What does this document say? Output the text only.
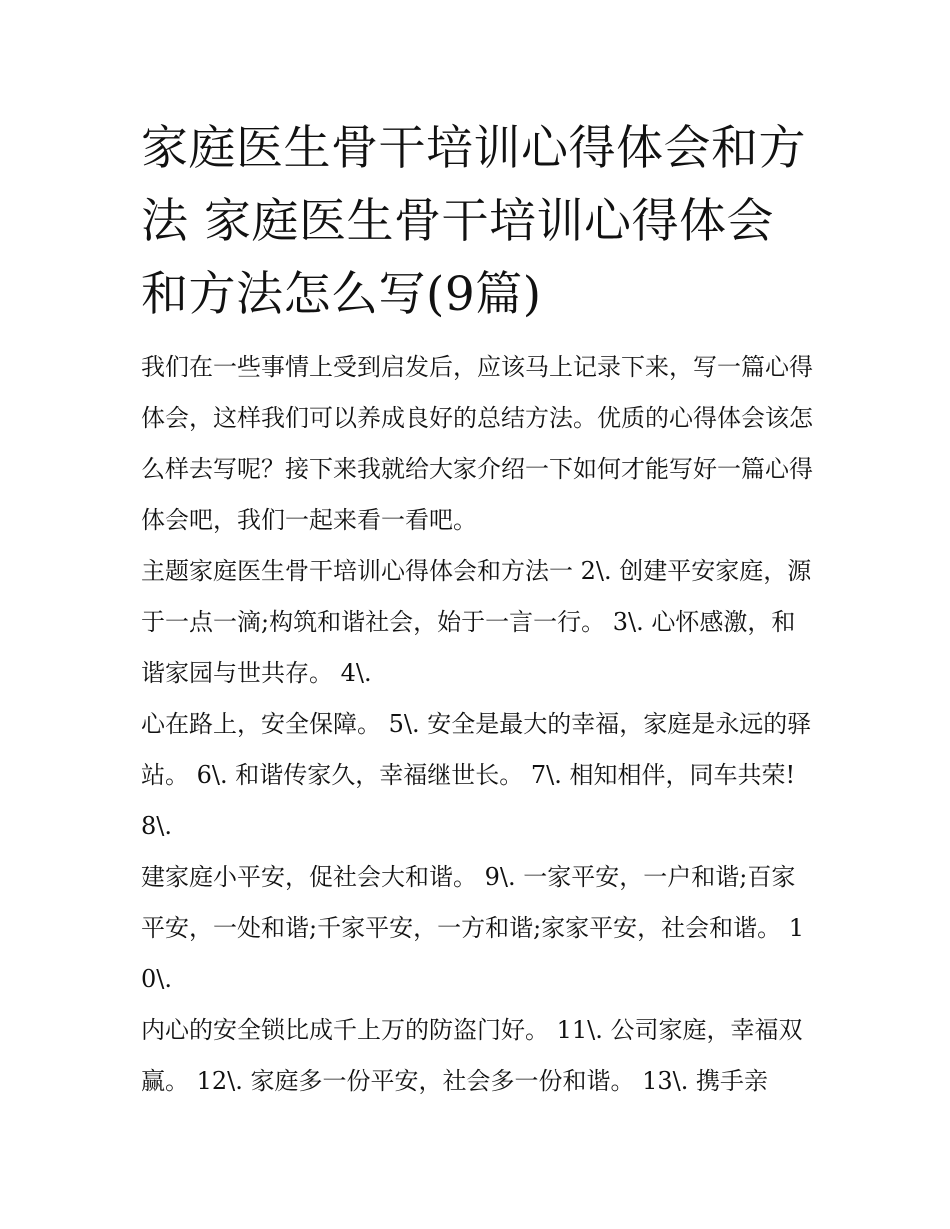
家庭医生骨干培训心得体会和方法 家庭医生骨干培训心得体会和方法怎么写(9篇)

我们在一些事情上受到启发后，应该马上记录下来，写一篇心得体会，这样我们可以养成良好的总结方法。优质的心得体会该怎么样去写呢？接下来我就给大家介绍一下如何才能写好一篇心得体会吧，我们一起来看一看吧。

主题家庭医生骨干培训心得体会和方法一 2\. 创建平安家庭，源于一点一滴;构筑和谐社会，始于一言一行。 3\. 心怀感激，和谐家园与世共存。 4\.

心在路上，安全保障。 5\. 安全是最大的幸福，家庭是永远的驿站。 6\. 和谐传家久，幸福继世长。 7\. 相知相伴，同车共荣! 8\.

建家庭小平安，促社会大和谐。 9\. 一家平安，一户和谐;百家平安，一处和谐;千家平安，一方和谐;家家平安，社会和谐。 10\.

内心的安全锁比成千上万的防盗门好。 11\. 公司家庭，幸福双赢。 12\. 家庭多一份平安，社会多一份和谐。 13\. 携手亲
